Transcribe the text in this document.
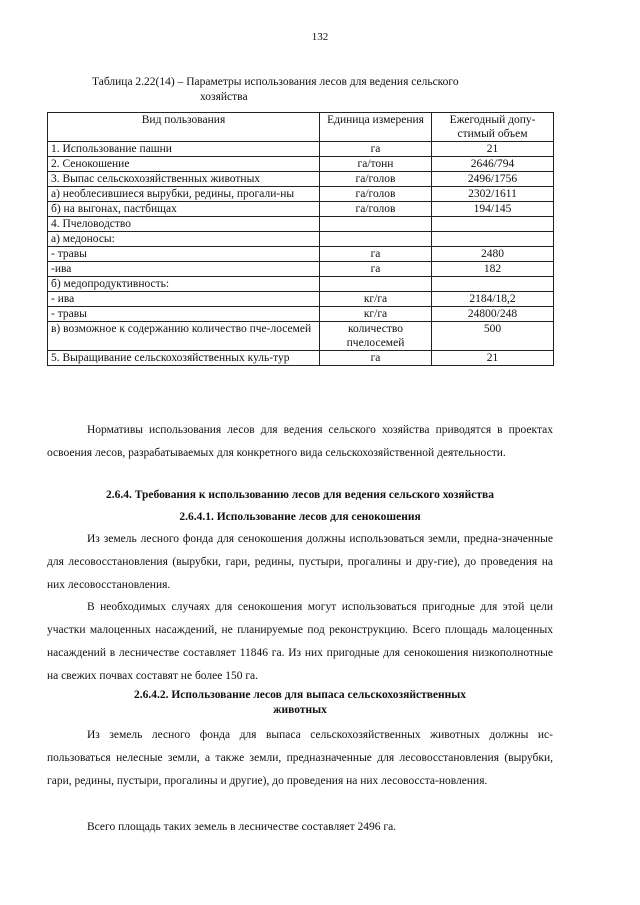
132
Таблица 2.22(14) – Параметры использования лесов для ведения сельского
хозяйства
Вид пользования	Единица измерения	Ежегодный допу-стимый объем
1. Использование пашни	га	21
2. Сенокошение	га/тонн	2646/794
3. Выпас сельскохозяйственных животных	га/голов	2496/1756
а) необлесившиеся вырубки, редины, прогали-ны	га/голов	2302/1611
б) на выгонах, пастбищах	га/голов	194/145
4. Пчеловодство		
а) медоносы:		
- травы	га	2480
-ива	га	182
б) медопродуктивность:		
- ива	кг/га	2184/18,2
- травы	кг/га	24800/248
в) возможное к содержанию количество пче-лосемей	количество пчелосемей	500
5. Выращивание сельскохозяйственных куль-тур	га	21

Нормативы использования лесов для ведения сельского хозяйства приводятся в проектах освоения лесов, разрабатываемых для конкретного вида сельскохозяйственной деятельности.

2.6.4. Требования к использованию лесов для ведения сельского хозяйства

2.6.4.1. Использование лесов для сенокошения

Из земель лесного фонда для сенокошения должны использоваться земли, предна-значенные для лесовосстановления (вырубки, гари, редины, пустыри, прогалины и дру-гие), до проведения на них лесовосстановления.

В необходимых случаях для сенокошения могут использоваться пригодные для этой цели участки малоценных насаждений, не планируемые под реконструкцию. Всего площадь малоценных насаждений в лесничестве составляет 11846 га. Из них пригодные для сенокошения низкополнотные на свежих почвах составят не более 150 га.

2.6.4.2. Использование лесов для выпаса сельскохозяйственных
животных

Из земель лесного фонда для выпаса сельскохозяйственных животных должны ис-пользоваться нелесные земли, а также земли, предназначенные для лесовосстановления (вырубки, гари, редины, пустыри, прогалины и другие), до проведения на них лесовосста-новления.

Всего площадь таких земель в лесничестве составляет 2496 га.
